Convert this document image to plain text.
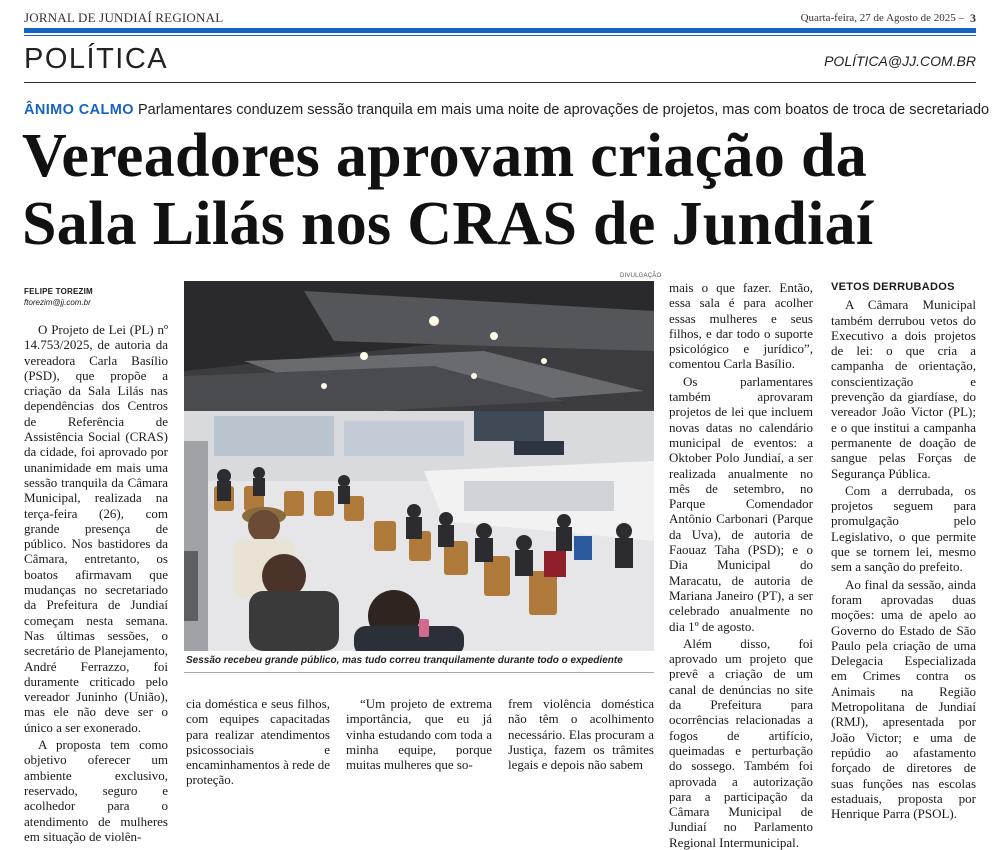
JORNAL DE JUNDIAÍ REGIONAL	Quarta-feira, 27 de Agosto de 2025 – 3
POLÍTICA	POLÍTICA@JJ.COM.BR
ÂNIMO CALMO Parlamentares conduzem sessão tranquila em mais uma noite de aprovações de projetos, mas com boatos de troca de secretariado
Vereadores aprovam criação da
Sala Lilás nos CRAS de Jundiaí
FELIPE TOREZIM
ftorezim@jj.com.br

O Projeto de Lei (PL) nº 14.753/2025, de autoria da vereadora Carla Basílio (PSD), que propõe a criação da Sala Lilás nas dependências dos Centros de Referência de Assistência Social (CRAS) da cidade, foi aprovado por unanimidade em mais uma sessão tranquila da Câmara Municipal, realizada na terça-feira (26), com grande presença de público. Nos bastidores da Câmara, entretanto, os boatos afirmavam que mudanças no secretariado da Prefeitura de Jundiaí começam nesta semana. Nas últimas sessões, o secretário de Planejamento, André Ferrazzo, foi duramente criticado pelo vereador Juninho (União), mas ele não deve ser o único a ser exonerado.

A proposta tem como objetivo oferecer um ambiente exclusivo, reservado, seguro e acolhedor para o atendimento de mulheres em situação de violên-

DIVULGAÇÃO
Sessão recebeu grande público, mas tudo correu tranquilamente durante todo o expediente

cia doméstica e seus filhos, com equipes capacitadas para realizar atendimentos psicossociais e encaminhamentos à rede de proteção.

“Um projeto de extrema importância, que eu já vinha estudando com toda a minha equipe, porque muitas mulheres que so-

frem violência doméstica não têm o acolhimento necessário. Elas procuram a Justiça, fazem os trâmites legais e depois não sabem

mais o que fazer. Então, essa sala é para acolher essas mulheres e seus filhos, e dar todo o suporte psicológico e jurídico”, comentou Carla Basílio.

Os parlamentares também aprovaram projetos de lei que incluem novas datas no calendário municipal de eventos: a Oktober Polo Jundiaí, a ser realizada anualmente no mês de setembro, no Parque Comendador Antônio Carbonari (Parque da Uva), de autoria de Faouaz Taha (PSD); e o Dia Municipal do Maracatu, de autoria de Mariana Janeiro (PT), a ser celebrado anualmente no dia 1º de agosto.

Além disso, foi aprovado um projeto que prevê a criação de um canal de denúncias no site da Prefeitura para ocorrências relacionadas a fogos de artifício, queimadas e perturbação do sossego. Também foi aprovada a autorização para a participação da Câmara Municipal de Jundiaí no Parlamento Regional Intermunicipal.

VETOS DERRUBADOS

A Câmara Municipal também derrubou vetos do Executivo a dois projetos de lei: o que cria a campanha de orientação, conscientização e prevenção da giardíase, do vereador João Victor (PL); e o que institui a campanha permanente de doação de sangue pelas Forças de Segurança Pública.

Com a derrubada, os projetos seguem para promulgação pelo Legislativo, o que permite que se tornem lei, mesmo sem a sanção do prefeito.

Ao final da sessão, ainda foram aprovadas duas moções: uma de apelo ao Governo do Estado de São Paulo pela criação de uma Delegacia Especializada em Crimes contra os Animais na Região Metropolitana de Jundiaí (RMJ), apresentada por João Victor; e uma de repúdio ao afastamento forçado de diretores de suas funções nas escolas estaduais, proposta por Henrique Parra (PSOL).
